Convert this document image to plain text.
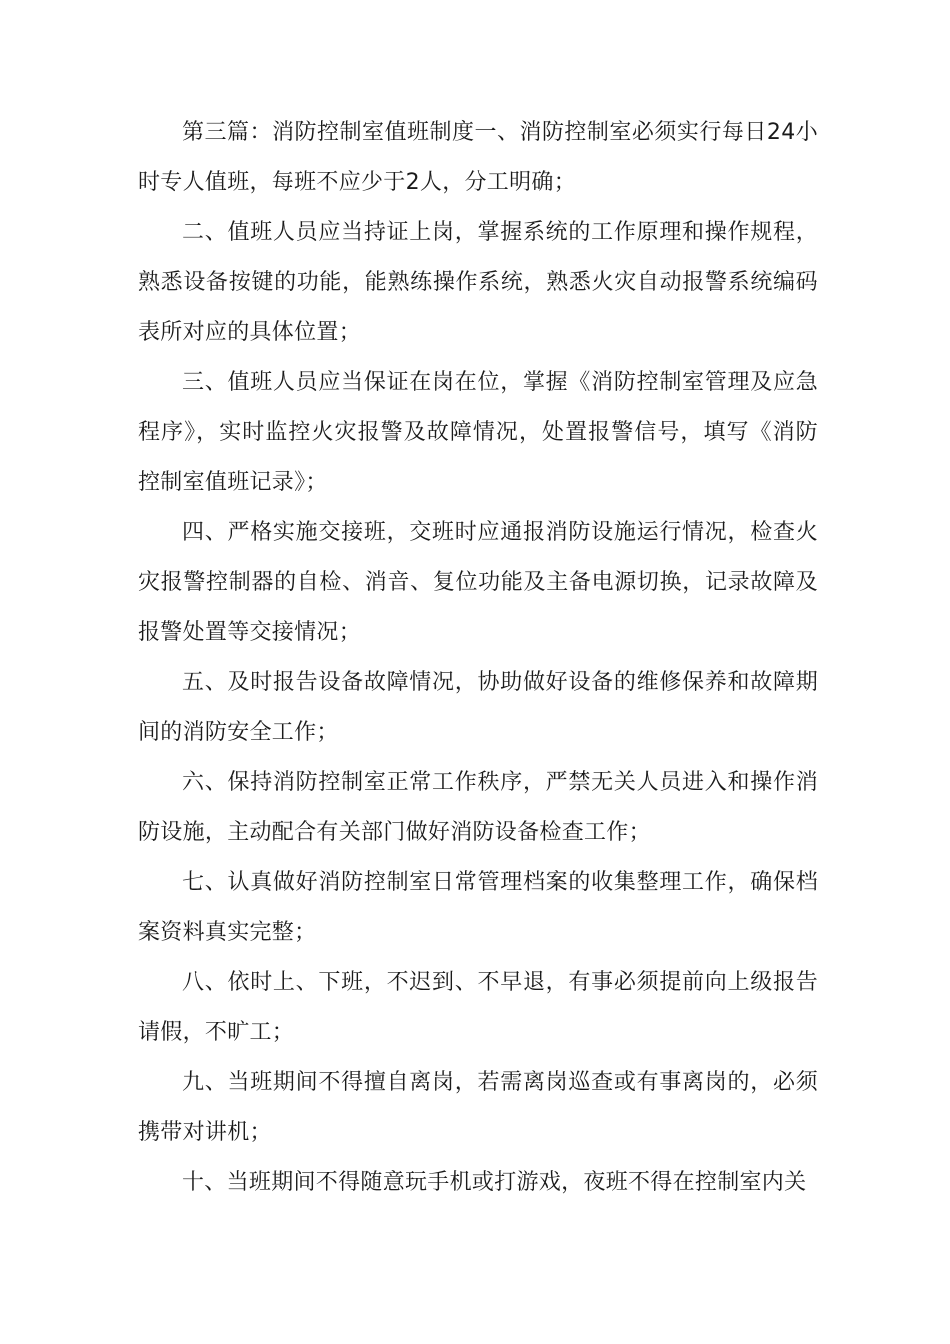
第三篇：消防控制室值班制度一、消防控制室必须实行每日24小时专人值班，每班不应少于2人，分工明确；

二、值班人员应当持证上岗，掌握系统的工作原理和操作规程，熟悉设备按键的功能，能熟练操作系统，熟悉火灾自动报警系统编码表所对应的具体位置；

三、值班人员应当保证在岗在位，掌握《消防控制室管理及应急程序》，实时监控火灾报警及故障情况，处置报警信号，填写《消防控制室值班记录》；

四、严格实施交接班，交班时应通报消防设施运行情况，检查火灾报警控制器的自检、消音、复位功能及主备电源切换，记录故障及报警处置等交接情况；

五、及时报告设备故障情况，协助做好设备的维修保养和故障期间的消防安全工作；

六、保持消防控制室正常工作秩序，严禁无关人员进入和操作消防设施，主动配合有关部门做好消防设备检查工作；

七、认真做好消防控制室日常管理档案的收集整理工作，确保档案资料真实完整；

八、依时上、下班，不迟到、不早退，有事必须提前向上级报告请假，不旷工；

九、当班期间不得擅自离岗，若需离岗巡查或有事离岗的，必须携带对讲机；

十、当班期间不得随意玩手机或打游戏，夜班不得在控制室内关
